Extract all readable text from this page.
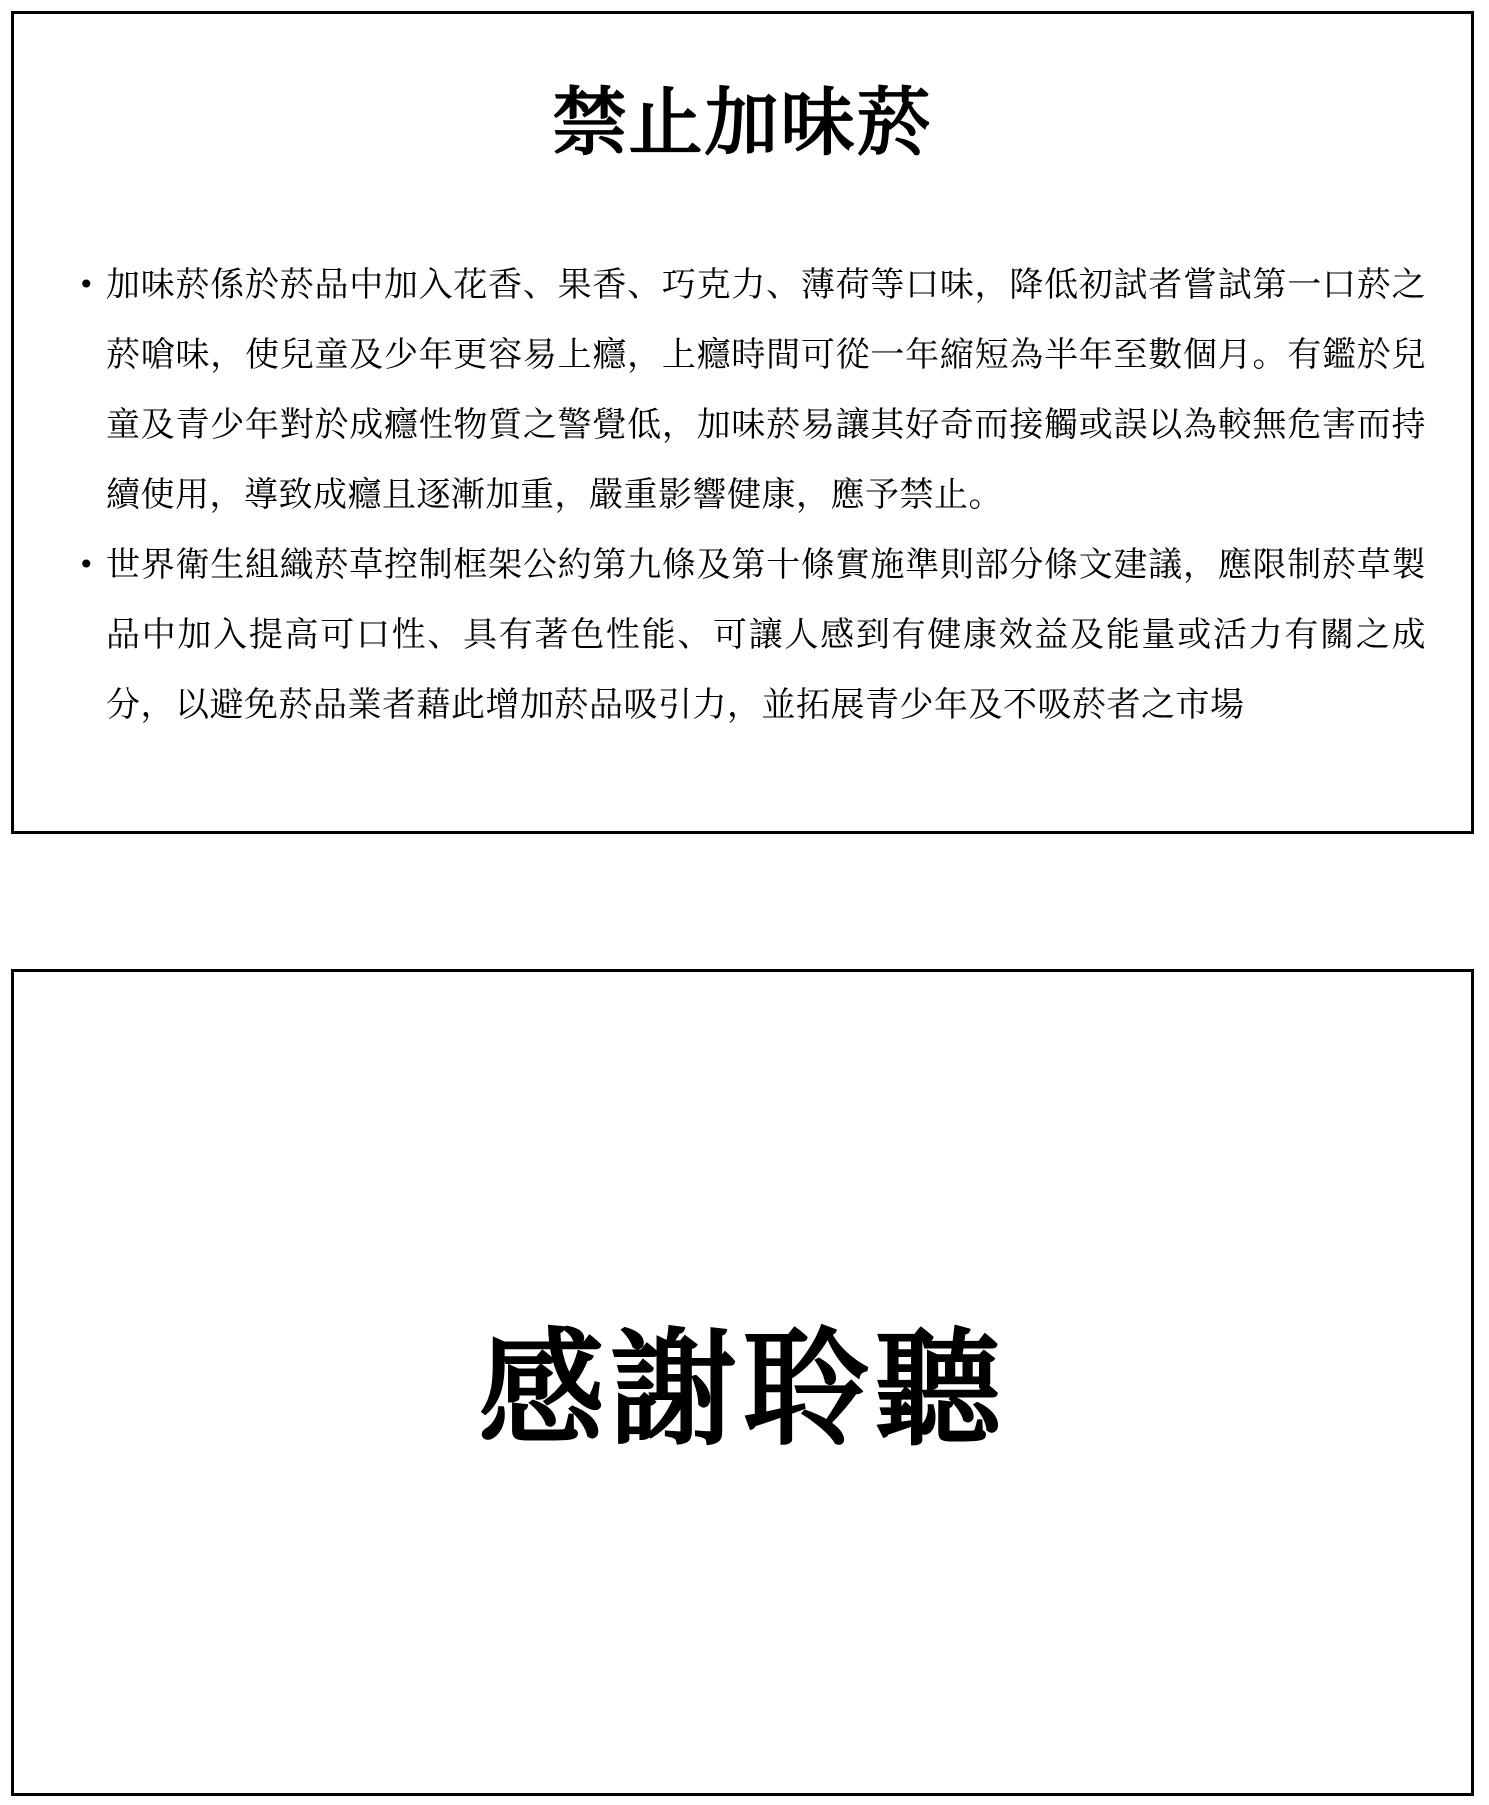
禁止加味菸
• 加味菸係於菸品中加入花香、果香、巧克力、薄荷等口味，降低初試者嘗試第一口菸之菸嗆味，使兒童及少年更容易上癮，上癮時間可從一年縮短為半年至數個月。有鑑於兒童及青少年對於成癮性物質之警覺低，加味菸易讓其好奇而接觸或誤以為較無危害而持續使用，導致成癮且逐漸加重，嚴重影響健康，應予禁止。
• 世界衛生組織菸草控制框架公約第九條及第十條實施準則部分條文建議，應限制菸草製品中加入提高可口性、具有著色性能、可讓人感到有健康效益及能量或活力有關之成分，以避免菸品業者藉此增加菸品吸引力，並拓展青少年及不吸菸者之市場
感謝聆聽
